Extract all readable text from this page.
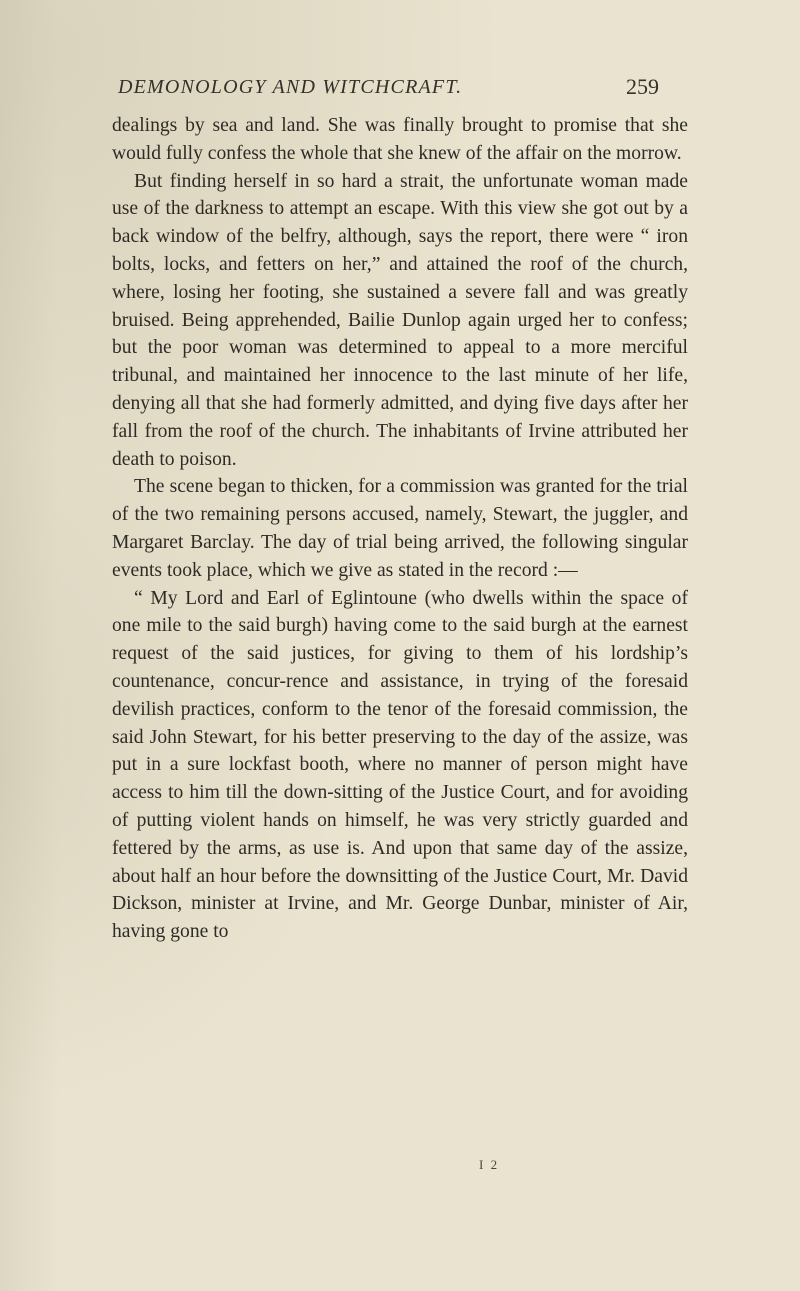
DEMONOLOGY AND WITCHCRAFT.	259

dealings by sea and land. She was finally brought to promise that she would fully confess the whole that she knew of the affair on the morrow.

But finding herself in so hard a strait, the unfortunate woman made use of the darkness to attempt an escape. With this view she got out by a back window of the belfry, although, says the report, there were “ iron bolts, locks, and fetters on her,” and attained the roof of the church, where, losing her footing, she sustained a severe fall and was greatly bruised. Being apprehended, Bailie Dunlop again urged her to confess; but the poor woman was determined to appeal to a more merciful tribunal, and maintained her innocence to the last minute of her life, denying all that she had formerly admitted, and dying five days after her fall from the roof of the church. The inhabitants of Irvine attributed her death to poison.

The scene began to thicken, for a commission was granted for the trial of the two remaining persons accused, namely, Stewart, the juggler, and Margaret Barclay. The day of trial being arrived, the following singular events took place, which we give as stated in the record :—

“ My Lord and Earl of Eglintoune (who dwells within the space of one mile to the said burgh) having come to the said burgh at the earnest request of the said justices, for giving to them of his lordship’s countenance, concur-rence and assistance, in trying of the foresaid devilish practices, conform to the tenor of the foresaid commission, the said John Stewart, for his better preserving to the day of the assize, was put in a sure lockfast booth, where no manner of person might have access to him till the down-sitting of the Justice Court, and for avoiding of putting violent hands on himself, he was very strictly guarded and fettered by the arms, as use is. And upon that same day of the assize, about half an hour before the downsitting of the Justice Court, Mr. David Dickson, minister at Irvine, and Mr. George Dunbar, minister of Air, having gone to

I 2
